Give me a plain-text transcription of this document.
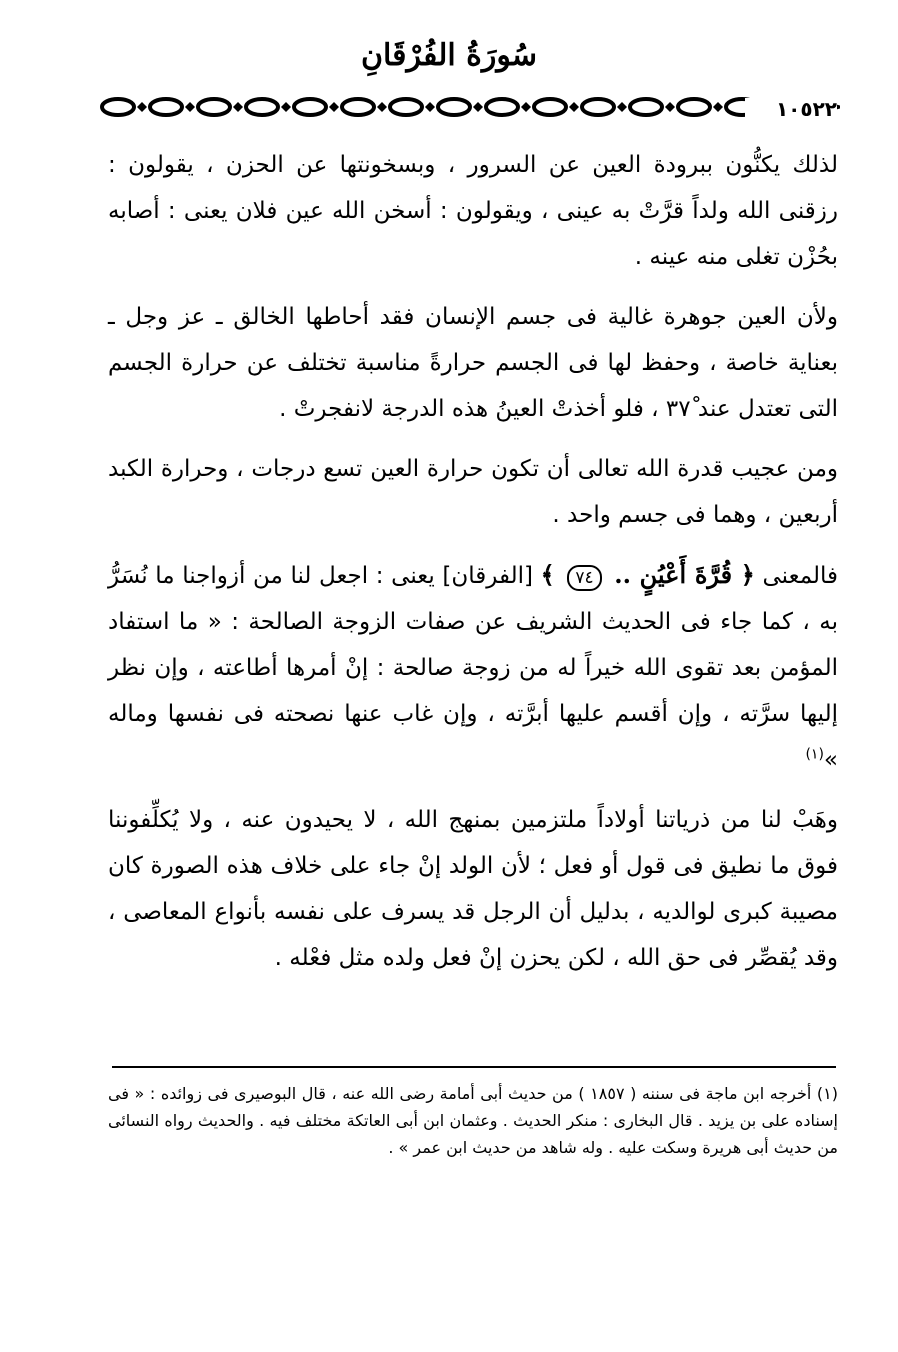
سُورَةُ الفُرْقَانِ
١٠٥٢٢

لذلك يكنُّون ببرودة العين عن السرور ، وبسخونتها عن الحزن ، يقولون : رزقنى الله ولداً قرَّتْ به عينى ، ويقولون : أسخن الله عين فلان يعنى : أصابه بحُزْن تغلى منه عينه .

ولأن العين جوهرة غالية فى جسم الإنسان فقد أحاطها الخالق ـ عز وجل ـ بعناية خاصة ، وحفظ لها فى الجسم حرارةً مناسبة تختلف عن حرارة الجسم التى تعتدل عند ٣٧ْ ، فلو أخذتْ العينُ هذه الدرجة لانفجرتْ .

ومن عجيب قدرة الله تعالى أن تكون حرارة العين تسع درجات ، وحرارة الكبد أربعين ، وهما فى جسم واحد .

فالمعنى ﴿ قُرَّةَ أَعْيُنٍ .. ٧٤ ﴾ [الفرقان] يعنى : اجعل لنا من أزواجنا ما نُسَرُّ به ، كما جاء فى الحديث الشريف عن صفات الزوجة الصالحة : « ما استفاد المؤمن بعد تقوى الله خيراً له من زوجة صالحة : إنْ أمرها أطاعته ، وإن نظر إليها سرَّته ، وإن أقسم عليها أبرَّته ، وإن غاب عنها نصحته فى نفسها وماله »$^{(١)}$

وهَبْ لنا من ذرياتنا أولاداً ملتزمين بمنهج الله ، لا يحيدون عنه ، ولا يُكلِّفوننا فوق ما نطيق فى قول أو فعل ؛ لأن الولد إنْ جاء على خلاف هذه الصورة كان مصيبة كبرى لوالديه ، بدليل أن الرجل قد يسرف على نفسه بأنواع المعاصى ، وقد يُقصِّر فى حق الله ، لكن يحزن إنْ فعل ولده مثل فعْله .

(١) أخرجه ابن ماجة فى سننه ( ١٨٥٧ ) من حديث أبى أمامة رضى الله عنه ، قال البوصيرى فى زوائده : « فى إسناده على بن يزيد . قال البخارى : منكر الحديث . وعثمان ابن أبى العاتكة مختلف فيه . والحديث رواه النسائى من حديث أبى هريرة وسكت عليه . وله شاهد من حديث ابن عمر » .
